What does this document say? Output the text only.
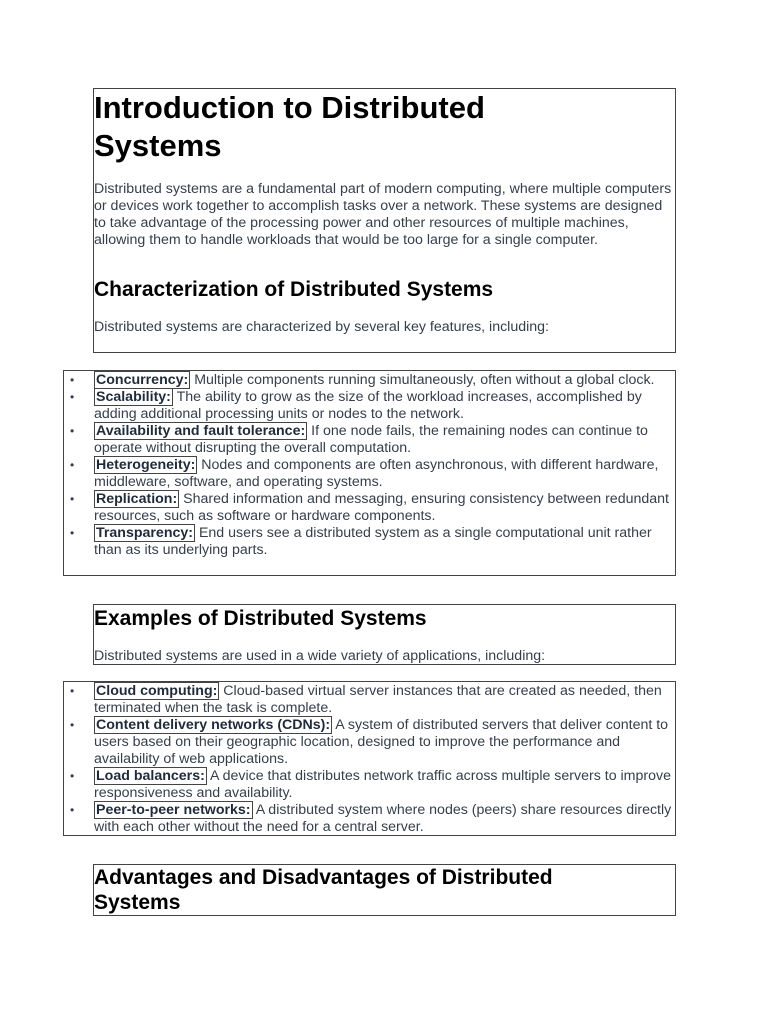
Introduction to Distributed Systems

Distributed systems are a fundamental part of modern computing, where multiple computers or devices work together to accomplish tasks over a network. These systems are designed to take advantage of the processing power and other resources of multiple machines, allowing them to handle workloads that would be too large for a single computer.

Characterization of Distributed Systems

Distributed systems are characterized by several key features, including:

• Concurrency: Multiple components running simultaneously, often without a global clock.
• Scalability: The ability to grow as the size of the workload increases, accomplished by adding additional processing units or nodes to the network.
• Availability and fault tolerance: If one node fails, the remaining nodes can continue to operate without disrupting the overall computation.
• Heterogeneity: Nodes and components are often asynchronous, with different hardware, middleware, software, and operating systems.
• Replication: Shared information and messaging, ensuring consistency between redundant resources, such as software or hardware components.
• Transparency: End users see a distributed system as a single computational unit rather than as its underlying parts.
Examples of Distributed Systems

Distributed systems are used in a wide variety of applications, including:

• Cloud computing: Cloud-based virtual server instances that are created as needed, then terminated when the task is complete.
• Content delivery networks (CDNs): A system of distributed servers that deliver content to users based on their geographic location, designed to improve the performance and availability of web applications.
• Load balancers: A device that distributes network traffic across multiple servers to improve responsiveness and availability.
• Peer-to-peer networks: A distributed system where nodes (peers) share resources directly with each other without the need for a central server.
Advantages and Disadvantages of Distributed Systems
